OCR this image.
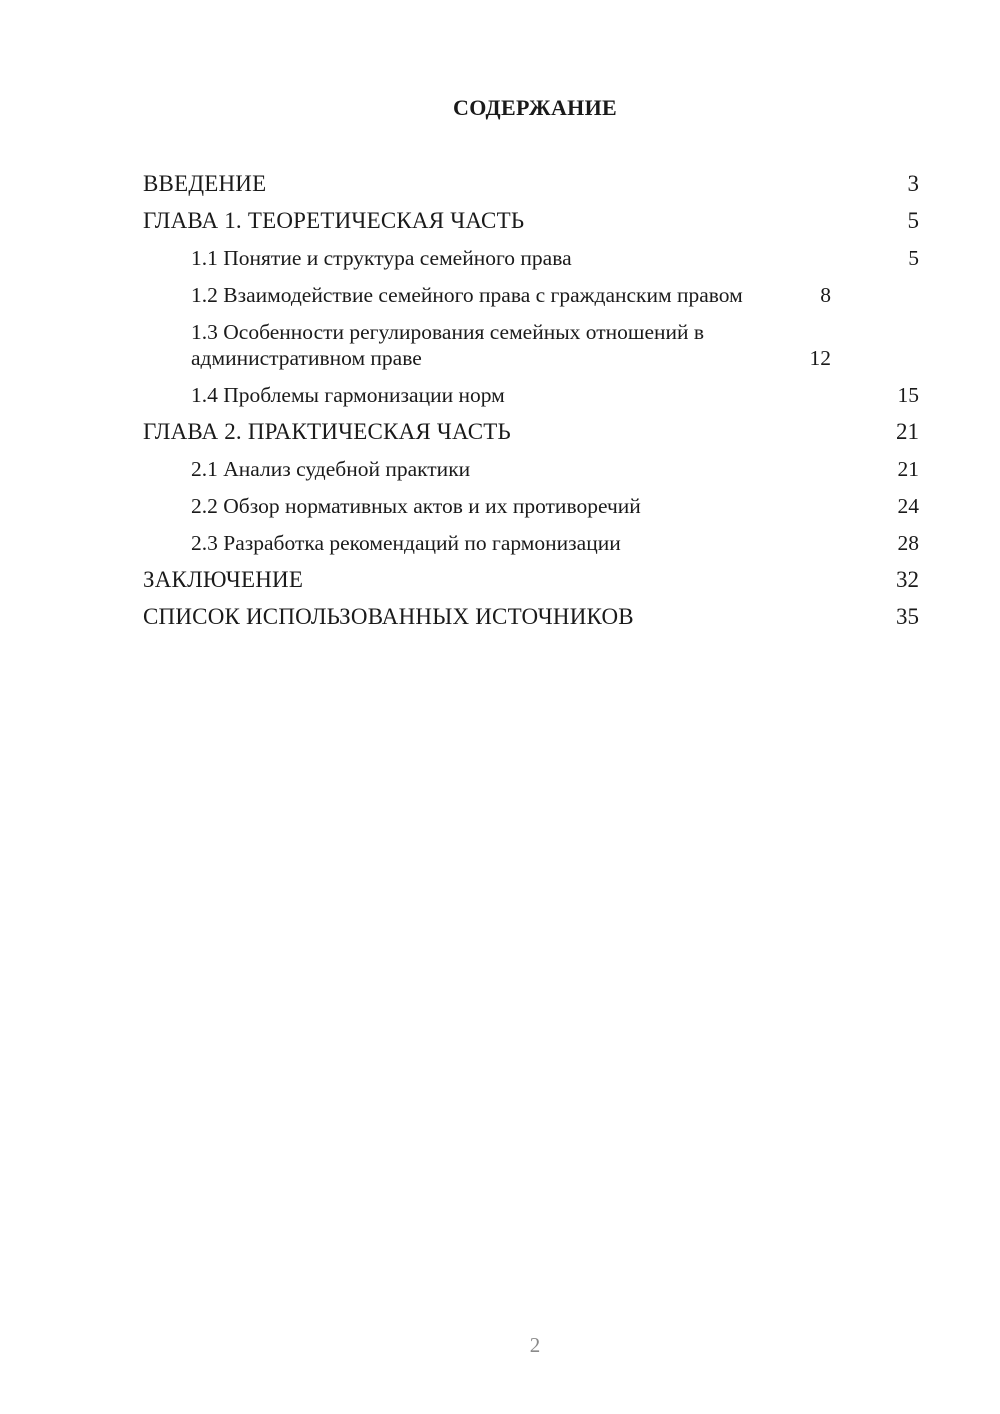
СОДЕРЖАНИЕ
ВВЕДЕНИЕ	3
ГЛАВА 1. ТЕОРЕТИЧЕСКАЯ ЧАСТЬ	5
1.1 Понятие и структура семейного права	5
1.2 Взаимодействие семейного права с гражданским правом	8
1.3 Особенности регулирования семейных отношений в административном праве	12
1.4 Проблемы гармонизации норм	15
ГЛАВА 2. ПРАКТИЧЕСКАЯ ЧАСТЬ	21
2.1 Анализ судебной практики	21
2.2 Обзор нормативных актов и их противоречий	24
2.3 Разработка рекомендаций по гармонизации	28
ЗАКЛЮЧЕНИЕ	32
СПИСОК ИСПОЛЬЗОВАННЫХ ИСТОЧНИКОВ	35
2
